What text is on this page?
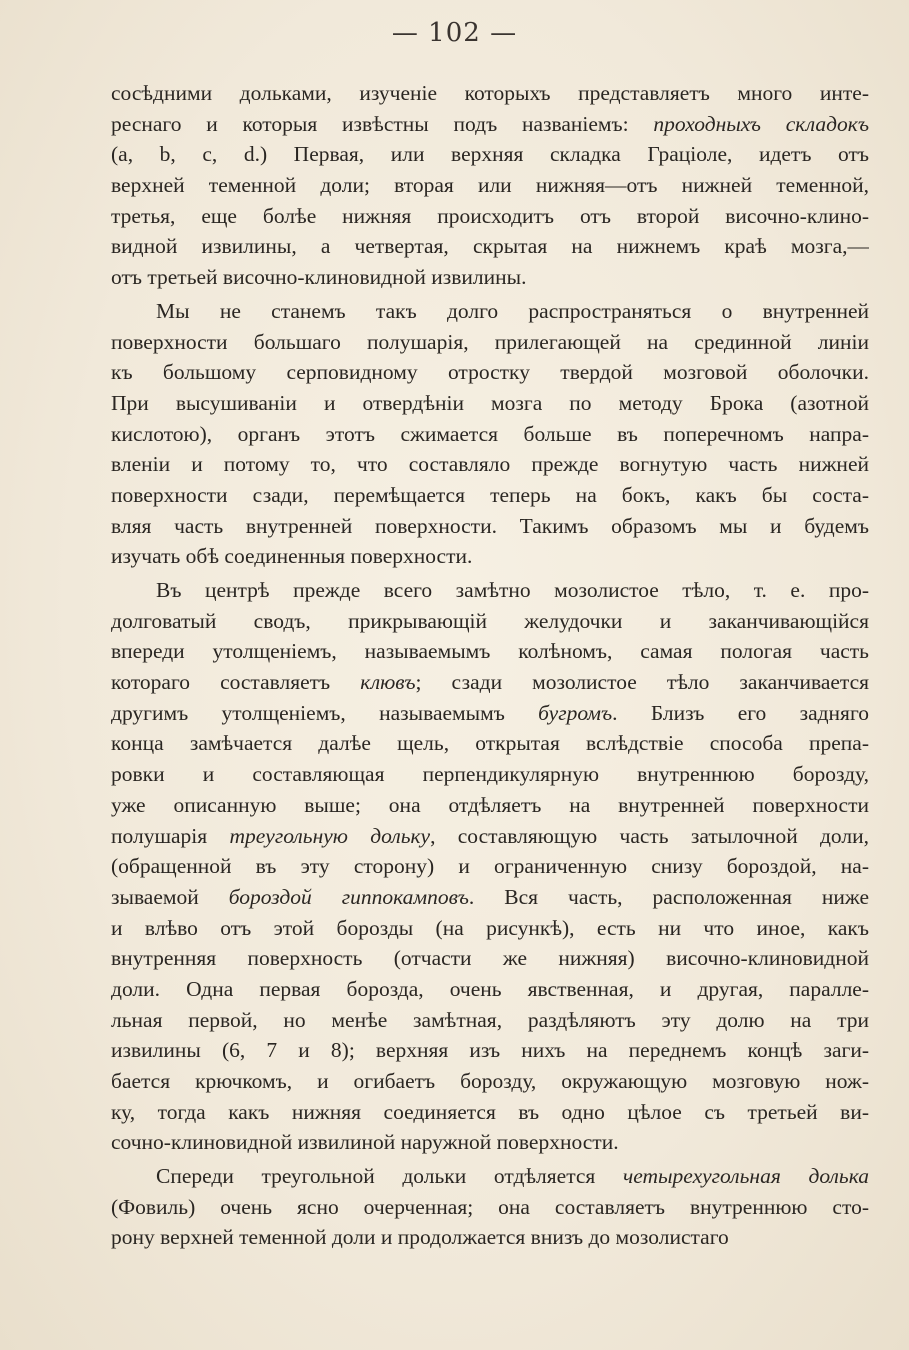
— 102 —
сосѣдними дольками, изученіе которыхъ представляетъ много инте-
реснаго и которыя извѣстны подъ названіемъ: проходныхъ складокъ
(a, b, c, d.) Первая, или верхняя складка Граціоле, идетъ отъ
верхней теменной доли; вторая или нижняя—отъ нижней теменной,
третья, еще болѣе нижняя происходитъ отъ второй височно-клино-
видной извилины, а четвертая, скрытая на нижнемъ краѣ мозга,—
отъ третьей височно-клиновидной извилины.
Мы не станемъ такъ долго распространяться о внутренней
поверхности большаго полушарія, прилегающей на срединной линіи
къ большому серповидному отростку твердой мозговой оболочки.
При высушиваніи и отвердѣніи мозга по методу Брока (азотной
кислотою), органъ этотъ сжимается больше въ поперечномъ напра-
вленіи и потому то, что составляло прежде вогнутую часть нижней
поверхности сзади, перемѣщается теперь на бокъ, какъ бы соста-
вляя часть внутренней поверхности. Такимъ образомъ мы и будемъ
изучать обѣ соединенныя поверхности.
Въ центрѣ прежде всего замѣтно мозолистое тѣло, т. е. про-
долговатый сводъ, прикрывающій желудочки и заканчивающійся
впереди утолщеніемъ, называемымъ колѣномъ, самая пологая часть
котораго составляетъ клювъ; сзади мозолистое тѣло заканчивается
другимъ утолщеніемъ, называемымъ бугромъ. Близъ его задняго
конца замѣчается далѣе щель, открытая вслѣдствіе способа препа-
ровки и составляющая перпендикулярную внутреннюю борозду,
уже описанную выше; она отдѣляетъ на внутренней поверхности
полушарія треугольную дольку, составляющую часть затылочной доли,
(обращенной въ эту сторону) и ограниченную снизу бороздой, на-
зываемой бороздой гиппокамповъ. Вся часть, расположенная ниже
и влѣво отъ этой борозды (на рисункѣ), есть ни что иное, какъ
внутренняя поверхность (отчасти же нижняя) височно-клиновидной
доли. Одна первая борозда, очень явственная, и другая, паралле-
льная первой, но менѣе замѣтная, раздѣляютъ эту долю на три
извилины (6, 7 и 8); верхняя изъ нихъ на переднемъ концѣ заги-
бается крючкомъ, и огибаетъ борозду, окружающую мозговую нож-
ку, тогда какъ нижняя соединяется въ одно цѣлое съ третьей ви-
сочно-клиновидной извилиной наружной поверхности.
Спереди треугольной дольки отдѣляется четырехугольная долька
(Фовиль) очень ясно очерченная; она составляетъ внутреннюю сто-
рону верхней теменной доли и продолжается внизъ до мозолистаго
